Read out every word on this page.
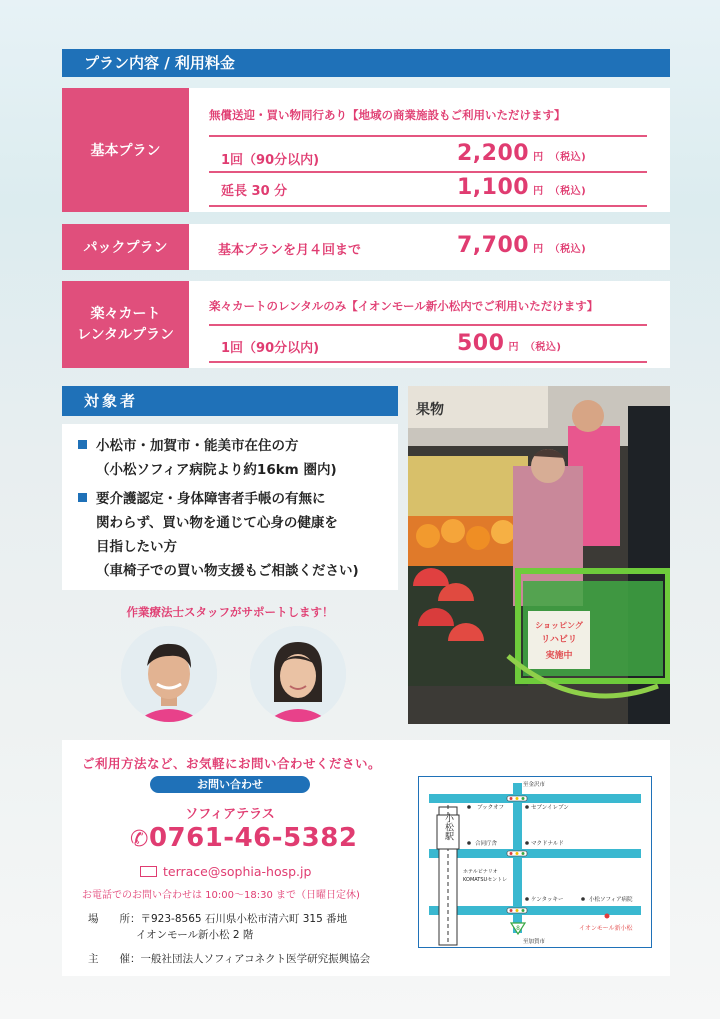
プラン内容 / 利用料金
基本プラン
無償送迎・買い物同行あり【地域の商業施設もご利用いただけます】
1回（90分以内)	2,200 円 （税込)
延長 30 分	1,100 円 （税込)
パックプラン	基本プランを月４回まで	7,700 円 （税込)
楽々カート
レンタルプラン
楽々カートのレンタルのみ【イオンモール新小松内でご利用いただけます】
1回（90分以内)	500 円 （税込)
対象者
小松市・加賀市・能美市在住の方
（小松ソフィア病院より約16km 圏内)
要介護認定・身体障害者手帳の有無に
関わらず、買い物を通じて心身の健康を
目指したい方
（車椅子での買い物支援もご相談ください)
作業療法士スタッフがサポートします！
果物
ショッピング
リハビリ
実施中
ご利用方法など、お気軽にお問い合わせください。
お問い合わせ
ソフィアテラス
✆0761-46-5382
terrace@sophia-hosp.jp
お電話でのお問い合わせは 10:00〜18:30 まで（日曜日定休)
場　　所：〒923-8565 石川県小松市清六町 315 番地
イオンモール新小松 2 階
主　　催：一般社団法人ソフィアコネクト医学研究振興協会
小松駅
至金沢市
ブックオフ	セブンイレブン
合同庁舎	マクドナルド
ホテルビナリオ
KOMATSUセントレ
ケンタッキー	小松ソフィア病院
イオンモール新小松
至加賀市
8
